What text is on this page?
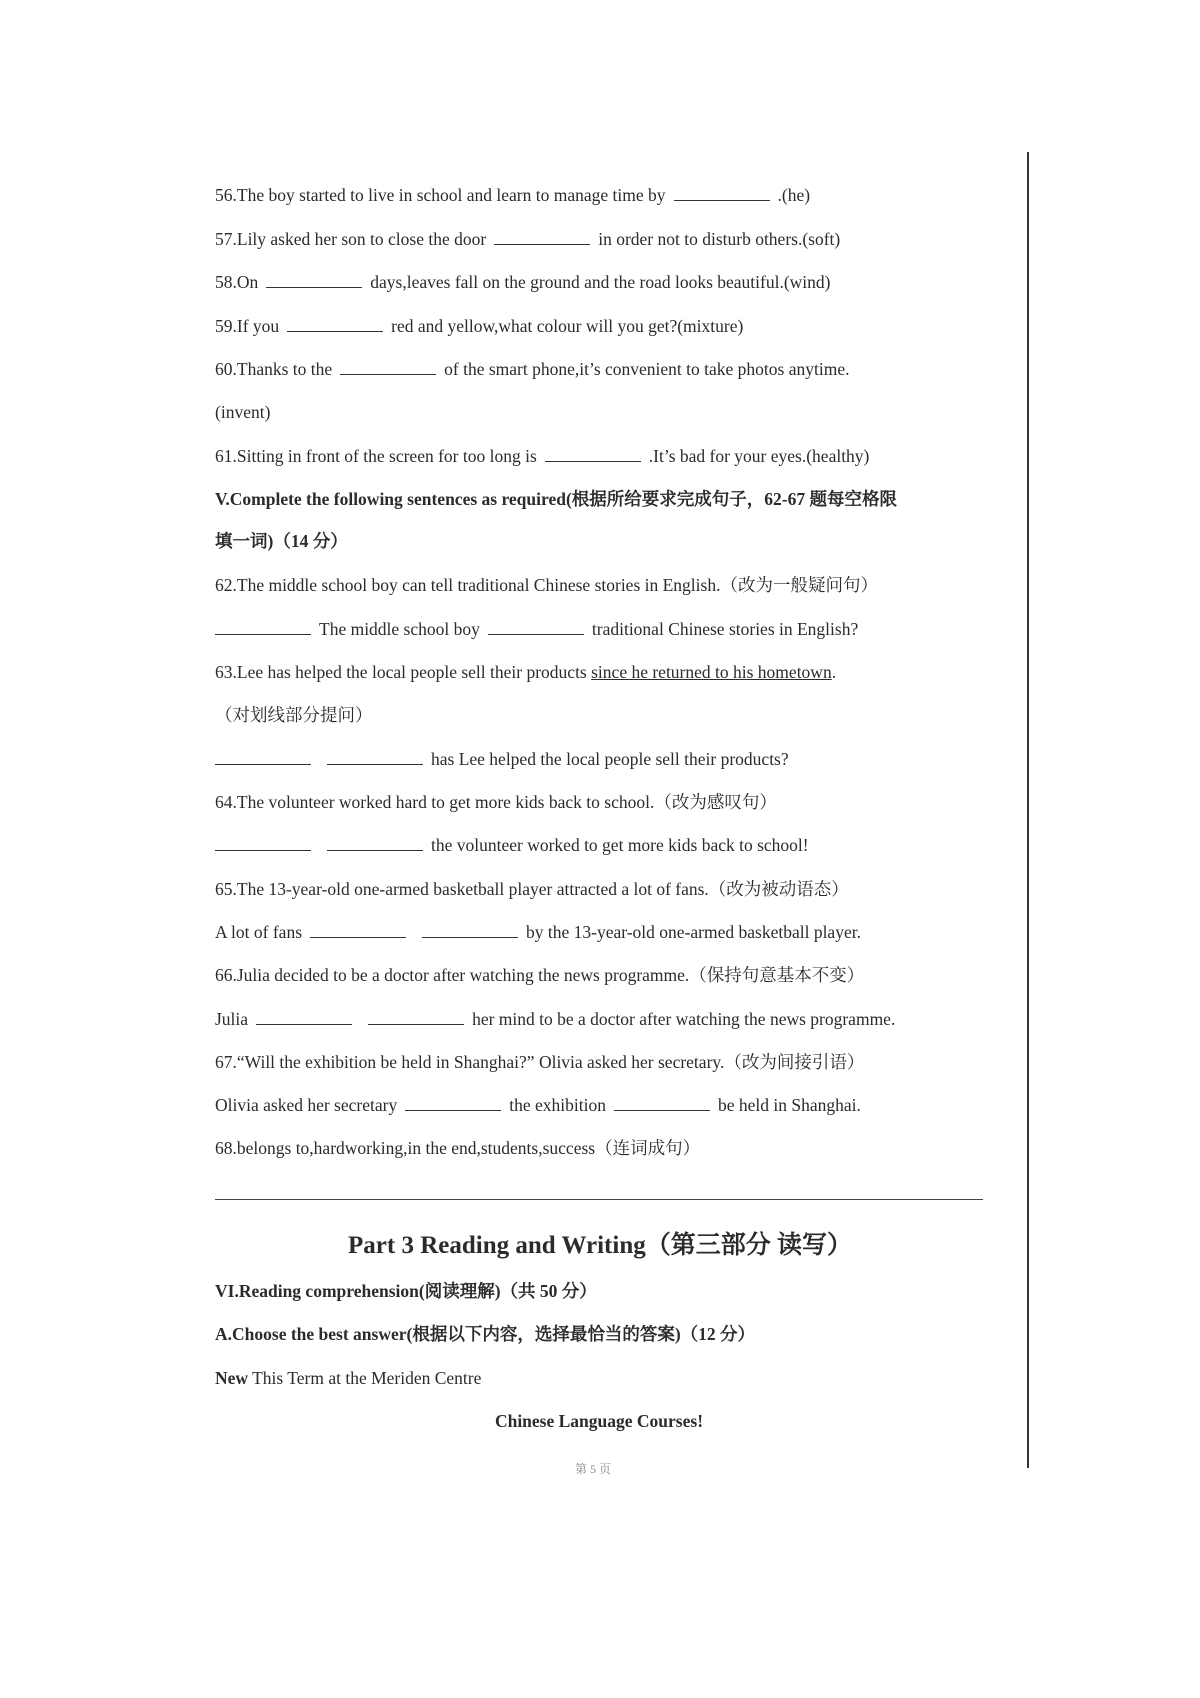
56.The boy started to live in school and learn to manage time by	.(he)
57.Lily asked her son to close the door	in order not to disturb others.(soft)
58.On	days,leaves fall on the ground and the road looks beautiful.(wind)
59.If you	red and yellow,what colour will you get?(mixture)
60.Thanks to the	of the smart phone,it’s convenient to take photos anytime.
(invent)
61.Sitting in front of the screen for too long is	.It’s bad for your eyes.(healthy)
V.Complete the following sentences as required(根据所给要求完成句子，62-67 题每空格限
填一词)（14 分）
62.The middle school boy can tell traditional Chinese stories in English.（改为一般疑问句）
The middle school boy	traditional Chinese stories in English?
63.Lee has helped the local people sell their products since he returned to his hometown.
（对划线部分提问）
has Lee helped the local people sell their products?
64.The volunteer worked hard to get more kids back to school.（改为感叹句）
the volunteer worked to get more kids back to school!
65.The 13-year-old one-armed basketball player attracted a lot of fans.（改为被动语态）
A lot of fans	by the 13-year-old one-armed basketball player.
66.Julia decided to be a doctor after watching the news programme.（保持句意基本不变）
Julia	her mind to be a doctor after watching the news programme.
67.“Will the exhibition be held in Shanghai?” Olivia asked her secretary.（改为间接引语）
Olivia asked her secretary	the exhibition	be held in Shanghai.
68.belongs to,hardworking,in the end,students,success（连词成句）
Part 3 Reading and Writing（第三部分 读写）
VI.Reading comprehension(阅读理解)（共 50 分）
A.Choose the best answer(根据以下内容，选择最恰当的答案)（12 分）
New This Term at the Meriden Centre
Chinese Language Courses!
第 5 页
